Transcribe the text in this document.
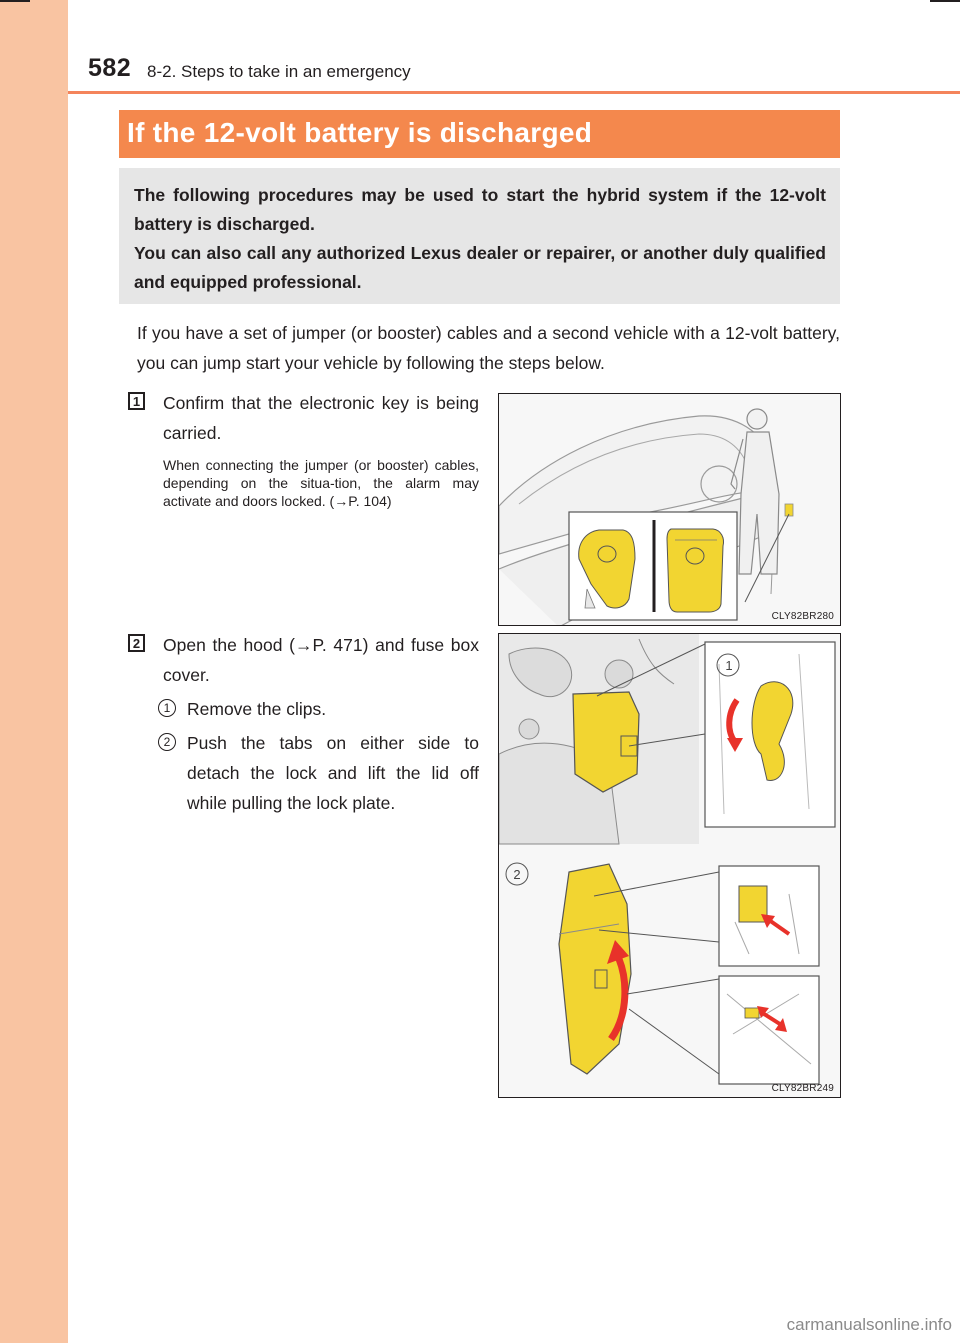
582 8-2. Steps to take in an emergency
If the 12-volt battery is discharged

The following procedures may be used to start the hybrid system if the 12-volt battery is discharged.

You can also call any authorized Lexus dealer or repairer, or another duly qualified and equipped professional.

If you have a set of jumper (or booster) cables and a second vehicle with a 12-volt battery, you can jump start your vehicle by following the steps below.
1 Confirm that the electronic key is being carried.
When connecting the jumper (or booster) cables, depending on the situa-tion, the alarm may activate and doors locked. (→P. 104)
CLY82BR280
2 Open the hood (→P. 471) and fuse box cover.
1 Remove the clips.
2 Push the tabs on either side to detach the lock and lift the lid off while pulling the lock plate.
1
2
CLY82BR249
carmanualsonline.info
